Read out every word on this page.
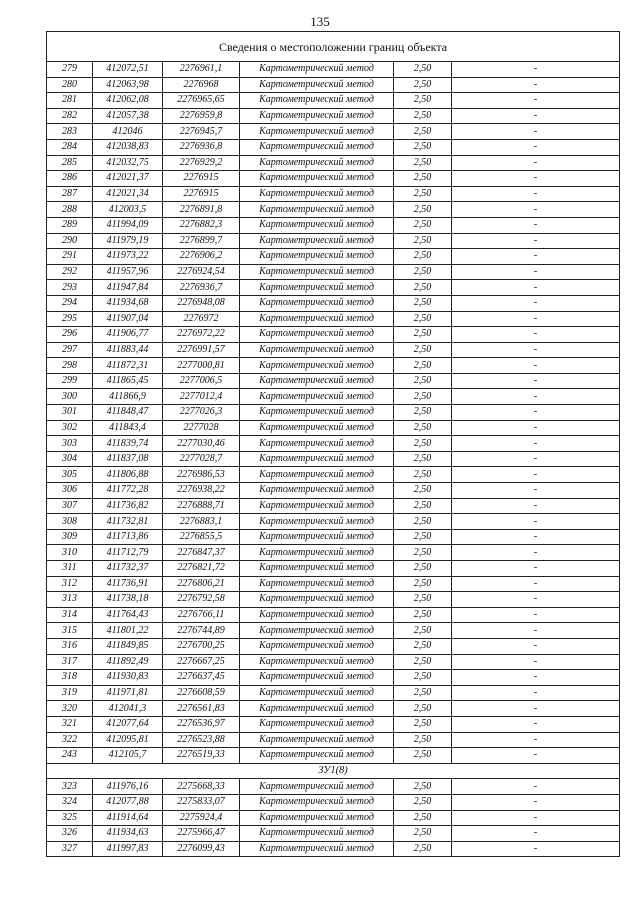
135
Сведения о местоположении границ объекта					
279	412072,51	2276961,1	Картометрический метод	2,50	-
280	412063,98	2276968	Картометрический метод	2,50	-
281	412062,08	2276965,65	Картометрический метод	2,50	-
282	412057,38	2276959,8	Картометрический метод	2,50	-
283	412046	2276945,7	Картометрический метод	2,50	-
284	412038,83	2276936,8	Картометрический метод	2,50	-
285	412032,75	2276929,2	Картометрический метод	2,50	-
286	412021,37	2276915	Картометрический метод	2,50	-
287	412021,34	2276915	Картометрический метод	2,50	-
288	412003,5	2276891,8	Картометрический метод	2,50	-
289	411994,09	2276882,3	Картометрический метод	2,50	-
290	411979,19	2276899,7	Картометрический метод	2,50	-
291	411973,22	2276906,2	Картометрический метод	2,50	-
292	411957,96	2276924,54	Картометрический метод	2,50	-
293	411947,84	2276936,7	Картометрический метод	2,50	-
294	411934,68	2276948,08	Картометрический метод	2,50	-
295	411907,04	2276972	Картометрический метод	2,50	-
296	411906,77	2276972,22	Картометрический метод	2,50	-
297	411883,44	2276991,57	Картометрический метод	2,50	-
298	411872,31	2277000,81	Картометрический метод	2,50	-
299	411865,45	2277006,5	Картометрический метод	2,50	-
300	411866,9	2277012,4	Картометрический метод	2,50	-
301	411848,47	2277026,3	Картометрический метод	2,50	-
302	411843,4	2277028	Картометрический метод	2,50	-
303	411839,74	2277030,46	Картометрический метод	2,50	-
304	411837,08	2277028,7	Картометрический метод	2,50	-
305	411806,88	2276986,53	Картометрический метод	2,50	-
306	411772,28	2276938,22	Картометрический метод	2,50	-
307	411736,82	2276888,71	Картометрический метод	2,50	-
308	411732,81	2276883,1	Картометрический метод	2,50	-
309	411713,86	2276855,5	Картометрический метод	2,50	-
310	411712,79	2276847,37	Картометрический метод	2,50	-
311	411732,37	2276821,72	Картометрический метод	2,50	-
312	411736,91	2276806,21	Картометрический метод	2,50	-
313	411738,18	2276792,58	Картометрический метод	2,50	-
314	411764,43	2276766,11	Картометрический метод	2,50	-
315	411801,22	2276744,89	Картометрический метод	2,50	-
316	411849,85	2276700,25	Картометрический метод	2,50	-
317	411892,49	2276667,25	Картометрический метод	2,50	-
318	411930,83	2276637,45	Картометрический метод	2,50	-
319	411971,81	2276608,59	Картометрический метод	2,50	-
320	412041,3	2276561,83	Картометрический метод	2,50	-
321	412077,64	2276536,97	Картометрический метод	2,50	-
322	412095,81	2276523,88	Картометрический метод	2,50	-
243	412105,7	2276519,33	Картометрический метод	2,50	-
ЗУ1(8)					
323	411976,16	2275668,33	Картометрический метод	2,50	-
324	412077,88	2275833,07	Картометрический метод	2,50	-
325	411914,64	2275924,4	Картометрический метод	2,50	-
326	411934,63	2275966,47	Картометрический метод	2,50	-
327	411997,83	2276099,43	Картометрический метод	2,50	-
